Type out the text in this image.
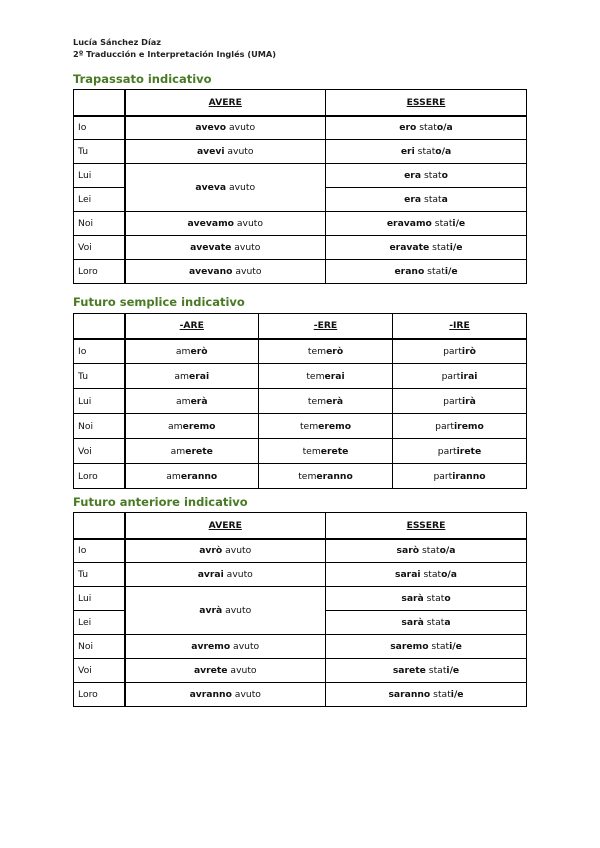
Lucía Sánchez Díaz
2º Traducción e Interpretación Inglés (UMA)
Trapassato indicativo
	AVERE	ESSERE
Io	avevo avuto	ero stato/a
Tu	avevi avuto	eri stato/a
Lui	aveva avuto	era stato
Lei		era stata
Noi	avevamo avuto	eravamo stati/e
Voi	avevate avuto	eravate stati/e
Loro	avevano avuto	erano stati/e
Futuro semplice indicativo
	-ARE	-ERE	-IRE
Io	amerò	temerò	partirò
Tu	amerai	temerai	partirai
Lui	amerà	temerà	partirà
Noi	ameremo	temeremo	partiremo
Voi	amerete	temerete	partirete
Loro	ameranno	temeranno	partiranno
Futuro anteriore indicativo
	AVERE	ESSERE
Io	avrò avuto	sarò stato/a
Tu	avrai avuto	sarai stato/a
Lui	avrà avuto	sarà stato
Lei		sarà stata
Noi	avremo avuto	saremo stati/e
Voi	avrete avuto	sarete stati/e
Loro	avranno avuto	saranno stati/e
